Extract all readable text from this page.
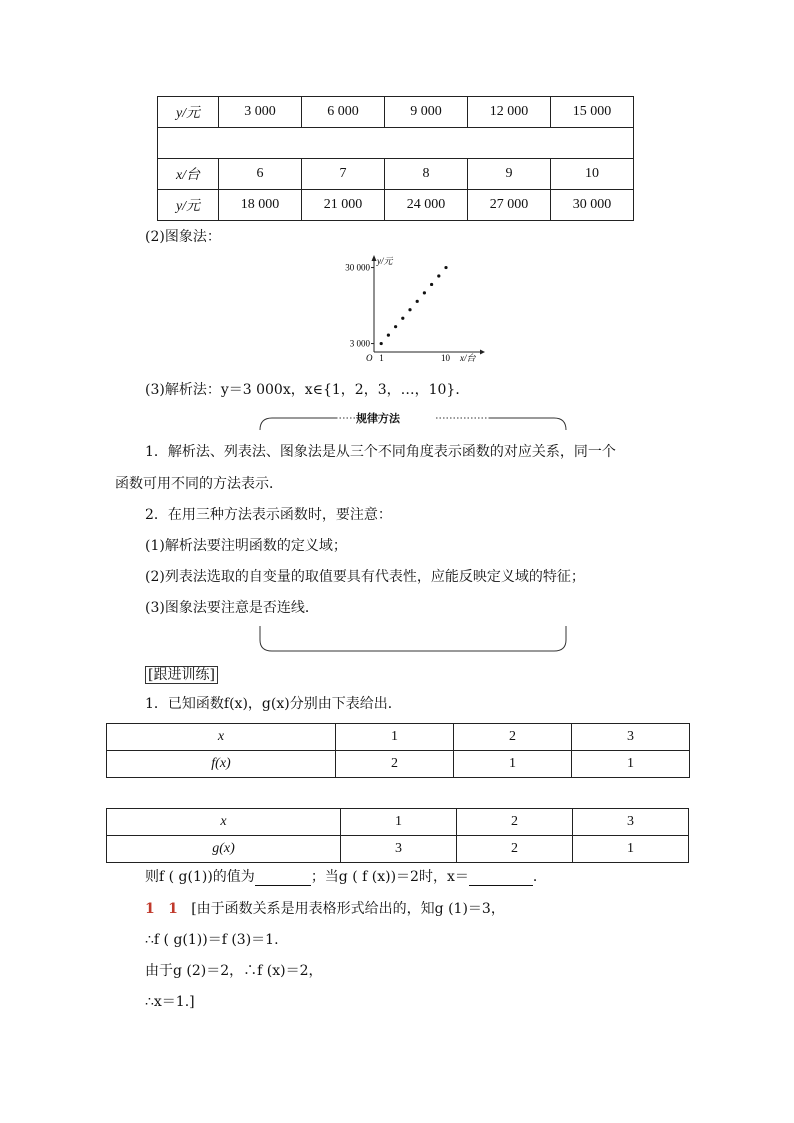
y/元	3 000	6 000	9 000	12 000	15 000

x/台	6	7	8	9	10
y/元	18 000	21 000	24 000	27 000	30 000
(2)图象法：
30 000
3 000
O 1	10 x/台
y/元
(3)解析法：y＝3 000x，x∈{1，2，3，…，10}．
规律方法
1．解析法、列表法、图象法是从三个不同角度表示函数的对应关系，同一个
函数可用不同的方法表示．
2．在用三种方法表示函数时，要注意：
(1)解析法要注明函数的定义域；
(2)列表法选取的自变量的取值要具有代表性，应能反映定义域的特征；
(3)图象法要注意是否连线．
[跟进训练]
1．已知函数f(x)，g(x)分别由下表给出．
x	1	2	3
f(x)	2	1	1
x	1	2	3
g(x)	3	2	1
则f ( g(1))的值为	；当g ( f (x))＝2时，x＝	．
1 1 [由于函数关系是用表格形式给出的，知g (1)＝3，
∴f ( g(1))＝f (3)＝1.
由于g (2)＝2，∴f (x)＝2，
∴x＝1.]
